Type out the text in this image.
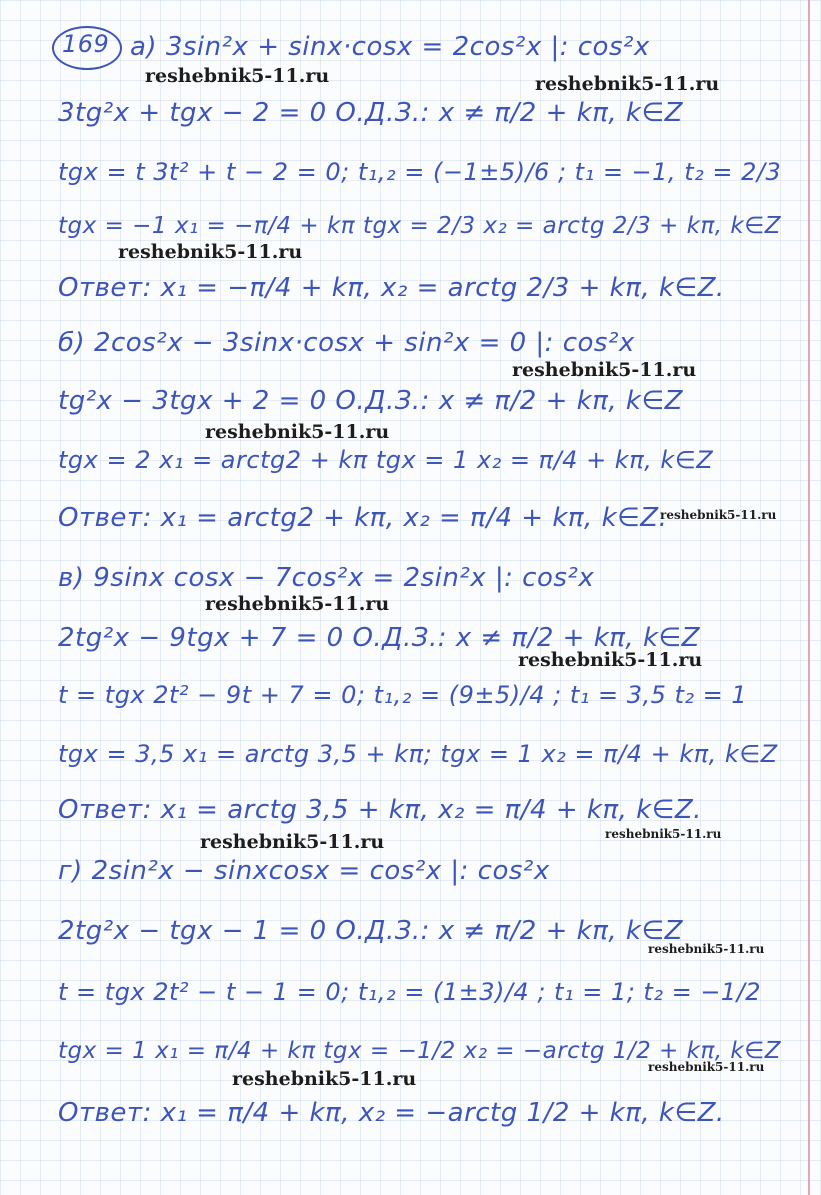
169 а) 3sin²x + sinx·cosx = 2cos²x |: cos²x
3tg²x + tgx − 2 = 0 О.Д.З.: x ≠ π/2 + kπ, k∈Z
tgx = t 3t² + t − 2 = 0; t₁,₂ = (−1±5)/6 ; t₁ = −1, t₂ = 2/3
tgx = −1 x₁ = −π/4 + kπ tgx = 2/3 x₂ = arctg 2/3 + kπ, k∈Z
Ответ: x₁ = −π/4 + kπ, x₂ = arctg 2/3 + kπ, k∈Z.
б) 2cos²x − 3sinx·cosx + sin²x = 0 |: cos²x
tg²x − 3tgx + 2 = 0 О.Д.З.: x ≠ π/2 + kπ, k∈Z
tgx = 2 x₁ = arctg2 + kπ tgx = 1 x₂ = π/4 + kπ, k∈Z
Ответ: x₁ = arctg2 + kπ, x₂ = π/4 + kπ, k∈Z.
в) 9sinx cosx − 7cos²x = 2sin²x |: cos²x
2tg²x − 9tgx + 7 = 0 О.Д.З.: x ≠ π/2 + kπ, k∈Z
t = tgx 2t² − 9t + 7 = 0; t₁,₂ = (9±5)/4 ; t₁ = 3,5 t₂ = 1
tgx = 3,5 x₁ = arctg 3,5 + kπ; tgx = 1 x₂ = π/4 + kπ, k∈Z
Ответ: x₁ = arctg 3,5 + kπ, x₂ = π/4 + kπ, k∈Z.
г) 2sin²x − sinxcosx = cos²x |: cos²x
2tg²x − tgx − 1 = 0 О.Д.З.: x ≠ π/2 + kπ, k∈Z
t = tgx 2t² − t − 1 = 0; t₁,₂ = (1±3)/4 ; t₁ = 1; t₂ = −1/2
tgx = 1 x₁ = π/4 + kπ tgx = −1/2 x₂ = −arctg 1/2 + kπ, k∈Z
Ответ: x₁ = π/4 + kπ, x₂ = −arctg 1/2 + kπ, k∈Z.
reshebnik5-11.ru	reshebnik5-11.ru
reshebnik5-11.ru
reshebnik5-11.ru
reshebnik5-11.ru
reshebnik5-11.ru
reshebnik5-11.ru
reshebnik5-11.ru
reshebnik5-11.ru
reshebnik5-11.ru
reshebnik5-11.ru
reshebnik5-11.ru
reshebnik5-11.ru
